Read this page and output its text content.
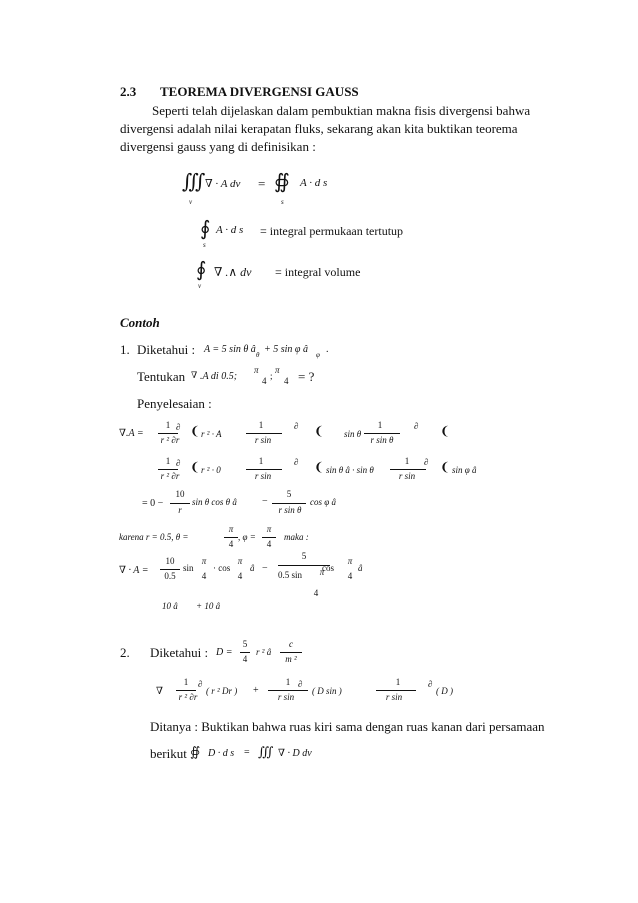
2.3 TEOREMA DIVERGENSI GAUSS
Seperti telah dijelaskan dalam pembuktian makna fisis divergensi bahwa
divergensi adalah nilai kerapatan fluks, sekarang akan kita buktikan teorema
divergensi gauss yang di definisikan :
∭ ∇ · A dv
v
= ∯ A · d s
s
∮ A · d s
s
= integral permukaan tertutup
∮ ∇ .∧ dv
v
= integral volume
Contoh
1. Diketahui : A = 5 sin θ â θ + 5 sin φ â φ .
Tentukan ∇ .A di 0.5;
π
4 ;
π
4 = ?
Penyelesaian :
∇.A =
1
r ² ∂r
∂ ❨ r ² · A
1
r sin
∂ ❨ sin θ
1
r sin θ
∂ ❨
1
r ² ∂r
∂ ❨ r ² · 0
1
r sin
∂ ❨ sin θ â · sin θ
1
r sin
∂ ❨ sin φ â
= 0 −
10
r
sin θ cos θ â	−
5
r sin θ
cos φ â
karena r = 0.5, θ =
π
4
, φ =
π
4
maka :
∇ · A =
10
0.5
sin
π
4
· cos
π
4
â −
5
0.5 sin	π
4
cos
π
4
â
10 â + 10 â
2. Diketahui : D =
5
4
r ² â
c
m ²
∇
1
r ² ∂r
∂
( r ² Dr ) +
1
r sin
∂
( D sin )
1
r sin
∂
( D )
Ditanya : Buktikan bahwa ruas kiri sama dengan ruas kanan dari persamaan
berikut ∯ D · d s = ∭ ∇ · D dv
